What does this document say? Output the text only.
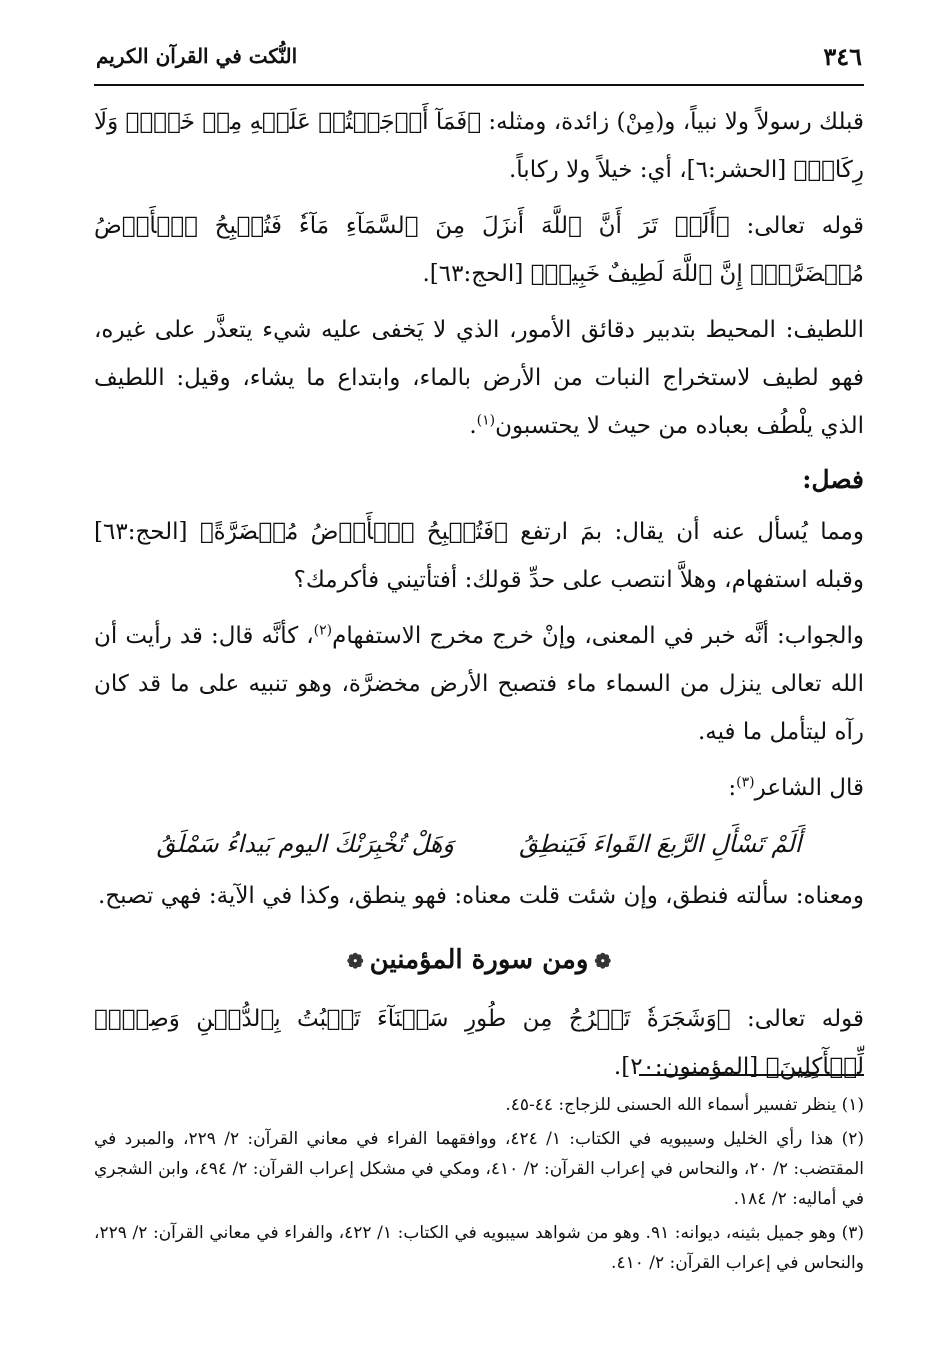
٣٤٦
النُّكت في القرآن الكريم

قبلك رسولاً ولا نبياً، و(مِنْ) زائدة، ومثله: ﴿فَمَآ أَوۡجَفۡتُمۡ عَلَيۡهِ مِنۡ خَيۡلٖ وَلَا رِكَابٖ﴾ [الحشر:٦]، أي: خيلاً ولا ركاباً.

قوله تعالى: ﴿أَلَمۡ تَرَ أَنَّ ٱللَّهَ أَنزَلَ مِنَ ٱلسَّمَآءِ مَآءٗ فَتُصۡبِحُ ٱلۡأَرۡضُ مُخۡضَرَّةًۚ إِنَّ ٱللَّهَ لَطِيفٌ خَبِيرٞ﴾ [الحج:٦٣].

اللطيف: المحيط بتدبير دقائق الأمور، الذي لا يَخفى عليه شيء يتعذَّر على غيره، فهو لطيف لاستخراج النبات من الأرض بالماء، وابتداع ما يشاء، وقيل: اللطيف الذي يلْطُف بعباده من حيث لا يحتسبون$^{(١)}$.

فصل:

ومما يُسأل عنه أن يقال: بمَ ارتفع ﴿فَتُصۡبِحُ ٱلۡأَرۡضُ مُخۡضَرَّةً﴾ [الحج:٦٣] وقبله استفهام، وهلاَّ انتصب على حدِّ قولك: أفتأتيني فأكرمك؟

والجواب: أنَّه خبر في المعنى، وإنْ خرج مخرج الاستفهام$^{(٢)}$، كأنَّه قال: قد رأيت أن الله تعالى ينزل من السماء ماء فتصبح الأرض مخضرَّة، وهو تنبيه على ما قد كان رآه ليتأمل ما فيه.

قال الشاعر$^{(٣)}$:

أَلَمْ تَسْأَلِ الرَّبعَ القَواءَ فَيَنطِقُ
وَهَلْ تُخْبِرَنْكَ اليوم بَيداءُ سَمْلَقُ

ومعناه: سألته فنطق، وإن شئت قلت معناه: فهو ينطق، وكذا في الآية: فهي تصبح.

❁ومن سورة المؤمنين❁

قوله تعالى: ﴿وَشَجَرَةٗ تَخۡرُجُ مِن طُورِ سَيۡنَآءَ تَنۢبُتُ بِٱلدُّهۡنِ وَصِبۡغٖ لِّلۡأٓكِلِينَ﴾ [المؤمنون:٢٠].

(١) ينظر تفسير أسماء الله الحسنى للزجاج: ٤٤-٤٥.

(٢) هذا رأي الخليل وسيبويه في الكتاب: ١/ ٤٢٤، ووافقهما الفراء في معاني القرآن: ٢/ ٢٢٩، والمبرد في المقتضب: ٢/ ٢٠، والنحاس في إعراب القرآن: ٢/ ٤١٠، ومكي في مشكل إعراب القرآن: ٢/ ٤٩٤، وابن الشجري في أماليه: ٢/ ١٨٤.

(٣) وهو جميل بثينه، ديوانه: ٩١. وهو من شواهد سيبويه في الكتاب: ١/ ٤٢٢، والفراء في معاني القرآن: ٢/ ٢٢٩، والنحاس في إعراب القرآن: ٢/ ٤١٠.
